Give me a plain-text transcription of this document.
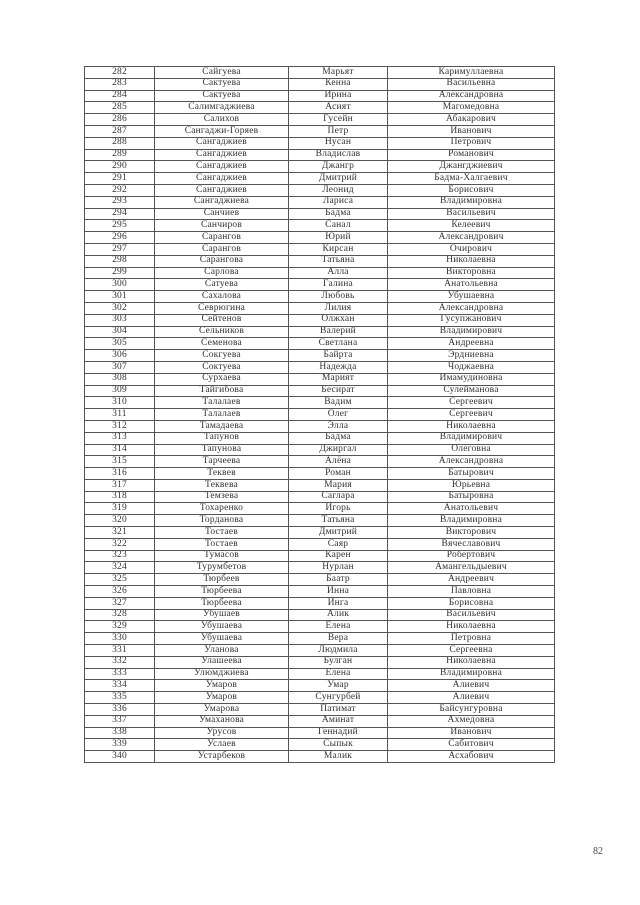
282	Сайгуева	Марьят	Каримуллаевна
283	Сактуева	Кенна	Васильевна
284	Сактуева	Ирина	Александровна
285	Салимгаджиева	Асият	Магомедовна
286	Салихов	Гусейн	Абакарович
287	Сангаджи-Горяев	Петр	Иванович
288	Сангаджиев	Нусан	Петрович
289	Сангаджиев	Владислав	Романович
290	Сангаджиев	Джангр	Джангджиевич
291	Сангаджиев	Дмитрий	Бадма-Халгаевич
292	Сангаджиев	Леонид	Борисович
293	Сангаджиева	Лариса	Владимировна
294	Санчиев	Бадма	Васильевич
295	Санчиров	Санал	Келеевич
296	Сарангов	Юрий	Александрович
297	Сарангов	Кирсан	Очирович
298	Сарангова	Татьяна	Николаевна
299	Сарлова	Алла	Викторовна
300	Сатуева	Галина	Анатольевна
301	Сахалова	Любовь	Убушаевна
302	Севрюгина	Лилия	Александровна
303	Сейтенов	Олжхан	Гусупжанович
304	Сельников	Валерий	Владимирович
305	Семенова	Светлана	Андреевна
306	Сокгуева	Байрта	Эрдниевна
307	Соктуева	Надежда	Чоджаевна
308	Сурхаева	Марият	Имамудиновна
309	Тайгибова	Бесират	Сулейманова
310	Талалаев	Вадим	Сергеевич
311	Талалаев	Олег	Сергеевич
312	Тамадаева	Элла	Николаевна
313	Тапунов	Бадма	Владимирович
314	Тапунова	Джиргал	Олеговна
315	Тарчеева	Алёна	Александровна
316	Теквев	Роман	Батырович
317	Теквева	Мария	Юрьевна
318	Темзева	Саглара	Батыровна
319	Тохаренко	Игорь	Анатольевич
320	Торданова	Татьяна	Владимировна
321	Тостаев	Дмитрий	Викторович
322	Тостаев	Саяр	Вячеславович
323	Тумасов	Карен	Робертович
324	Турумбетов	Нурлан	Амангельдыевич
325	Тюрбеев	Баатр	Андреевич
326	Тюрбеева	Инна	Павловна
327	Тюрбеева	Инга	Борисовна
328	Убушаев	Алик	Васильевич
329	Убушаева	Елена	Николаевна
330	Убушаева	Вера	Петровна
331	Уланова	Людмила	Сергеевна
332	Улашеева	Булган	Николаевна
333	Улюмджиева	Елена	Владимировна
334	Умаров	Умар	Алиевич
335	Умаров	Сунгурбей	Алиевич
336	Умарова	Патимат	Байсунгуровна
337	Умаханова	Аминат	Ахмедовна
338	Урусов	Геннадий	Иванович
339	Услаев	Сыпык	Сабитович
340	Устарбеков	Малик	Асхабович
82
